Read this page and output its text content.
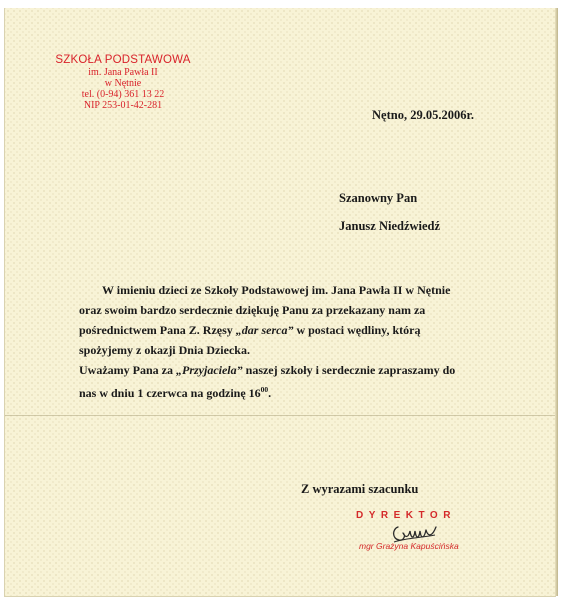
SZKOŁA PODSTAWOWA
im. Jana Pawła II
w Nętnie
tel. (0-94) 361 13 22
NIP 253-01-42-281
Nętno, 29.05.2006r.
Szanowny Pan
Janusz Niedźwiedź

W imieniu dzieci ze Szkoły Podstawowej im. Jana Pawła II w Nętnie

oraz swoim bardzo serdecznie dziękuję Panu za przekazany nam za

pośrednictwem Pana Z. Rzęsy „dar serca” w postaci wędliny, którą

spożyjemy z okazji Dnia Dziecka.

Uważamy Pana za „Przyjaciela” naszej szkoły i serdecznie zapraszamy do

nas w dniu 1 czerwca na godzinę $16^{00}$.

Z wyrazami szacunku
DYREKTOR
mgr Grażyna Kapuścińska
